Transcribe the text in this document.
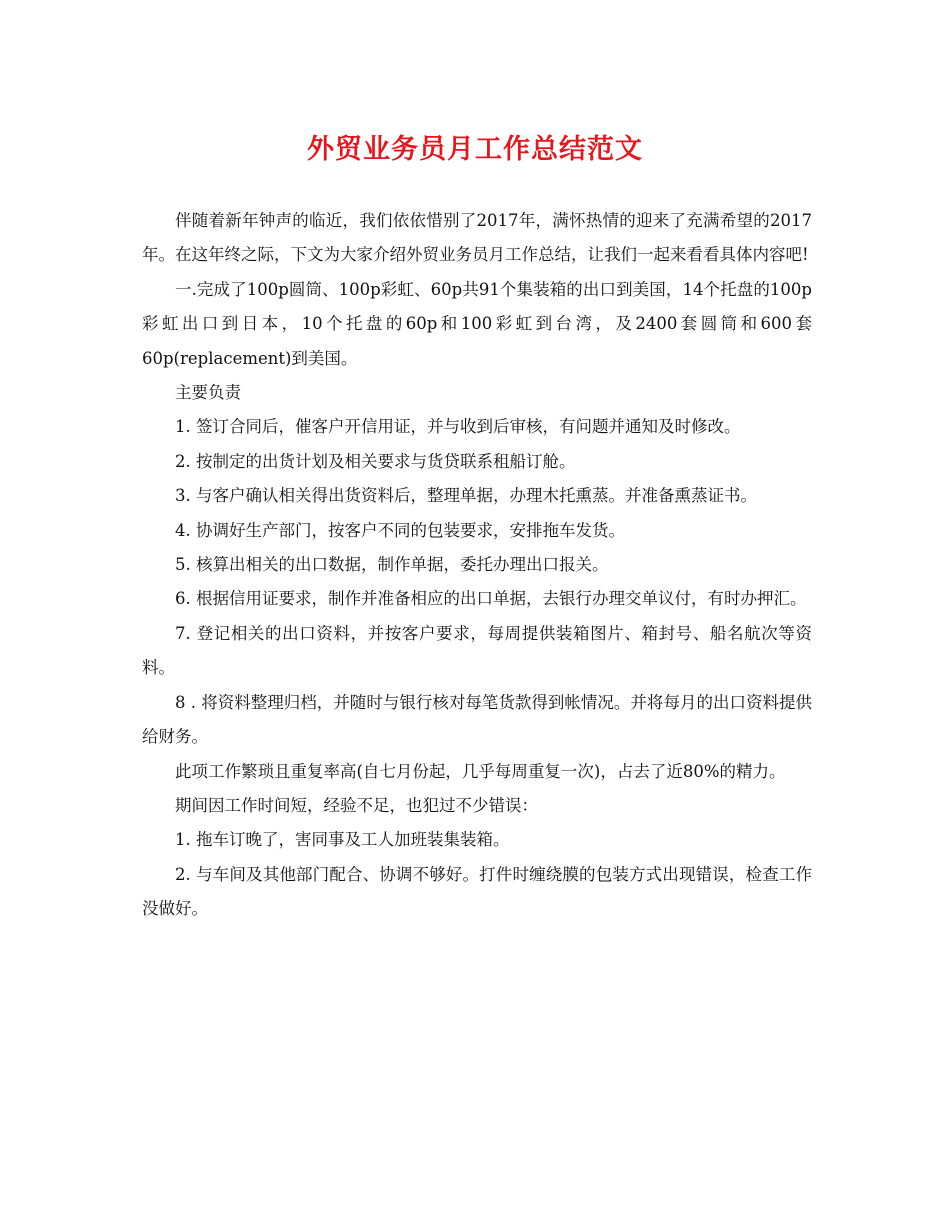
外贸业务员月工作总结范文

伴随着新年钟声的临近，我们依依惜别了2017年，满怀热情的迎来了充满希望的2017年。在这年终之际，下文为大家介绍外贸业务员月工作总结，让我们一起来看看具体内容吧!

一.完成了100p圆筒、100p彩虹、60p共91个集装箱的出口到美国，14个托盘的100p彩虹出口到日本，10个托盘的60p和100彩虹到台湾，及2400套圆筒和600套60p(replacement)到美国。

主要负责

1. 签订合同后，催客户开信用证，并与收到后审核，有问题并通知及时修改。

2. 按制定的出货计划及相关要求与货贷联系租船订舱。

3. 与客户确认相关得出货资料后，整理单据，办理木托熏蒸。并准备熏蒸证书。

4. 协调好生产部门，按客户不同的包装要求，安排拖车发货。

5. 核算出相关的出口数据，制作单据，委托办理出口报关。

6. 根据信用证要求，制作并准备相应的出口单据，去银行办理交单议付，有时办押汇。

7. 登记相关的出口资料，并按客户要求，每周提供装箱图片、箱封号、船名航次等资料。

8 . 将资料整理归档，并随时与银行核对每笔货款得到帐情况。并将每月的出口资料提供给财务。

此项工作繁琐且重复率高(自七月份起，几乎每周重复一次)，占去了近80%的精力。

期间因工作时间短，经验不足，也犯过不少错误：

1. 拖车订晚了，害同事及工人加班装集装箱。

2. 与车间及其他部门配合、协调不够好。打件时缠绕膜的包装方式出现错误，检查工作没做好。
